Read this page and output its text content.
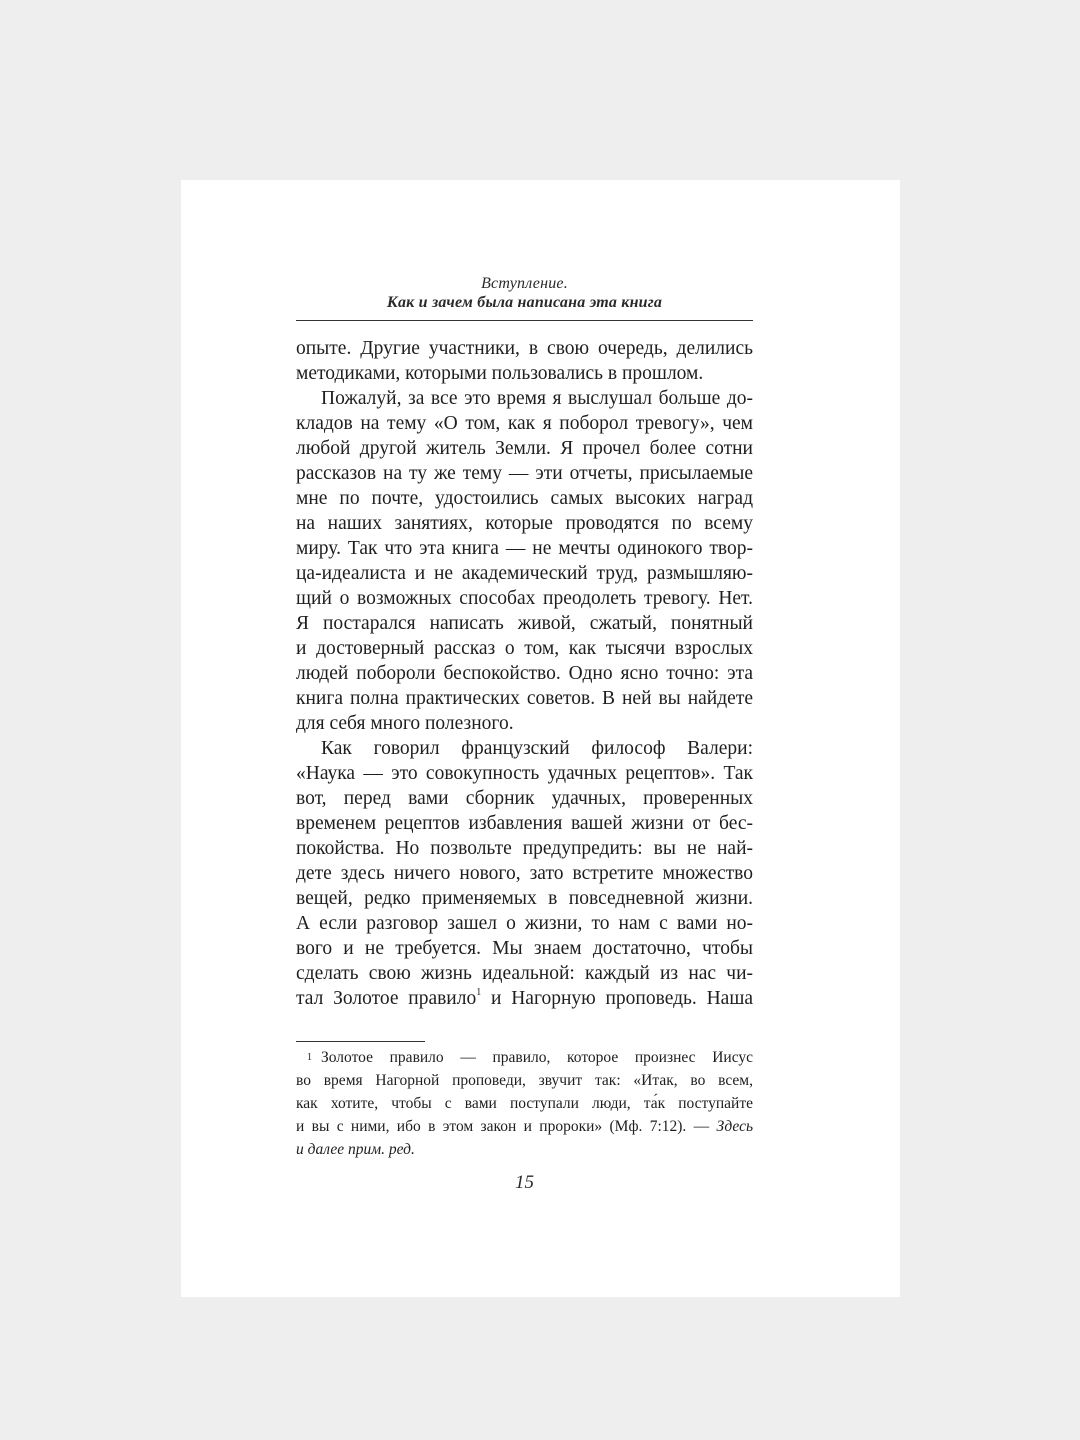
Вступление.
Как и зачем была написана эта книга
опыте. Другие участники, в свою очередь, делились
методиками, которыми пользовались в прошлом.
Пожалуй, за все это время я выслушал больше до-
кладов на тему «О том, как я поборол тревогу», чем
любой другой житель Земли. Я прочел более сотни
рассказов на ту же тему — эти отчеты, присылаемые
мне по почте, удостоились самых высоких наград
на наших занятиях, которые проводятся по всему
миру. Так что эта книга — не мечты одинокого твор-
ца-идеалиста и не академический труд, размышляю-
щий о возможных способах преодолеть тревогу. Нет.
Я постарался написать живой, сжатый, понятный
и достоверный рассказ о том, как тысячи взрослых
людей побороли беспокойство. Одно ясно точно: эта
книга полна практических советов. В ней вы найдете
для себя много полезного.
Как говорил французский философ Валери:
«Наука — это совокупность удачных рецептов». Так
вот, перед вами сборник удачных, проверенных
временем рецептов избавления вашей жизни от бес-
покойства. Но позвольте предупредить: вы не най-
дете здесь ничего нового, зато встретите множество
вещей, редко применяемых в повседневной жизни.
А если разговор зашел о жизни, то нам с вами но-
вого и не требуется. Мы знаем достаточно, чтобы
сделать свою жизнь идеальной: каждый из нас чи-
тал Золотое правило$^1$ и Нагорную проповедь. Наша
1 Золотое правило — правило, которое произнес Иисус
во время Нагорной проповеди, звучит так: «Итак, во всем,
как хотите, чтобы с вами поступали люди, та́к поступайте
и вы с ними, ибо в этом закон и пророки» (Мф. 7:12). — Здесь
и далее прим. ред.
15
